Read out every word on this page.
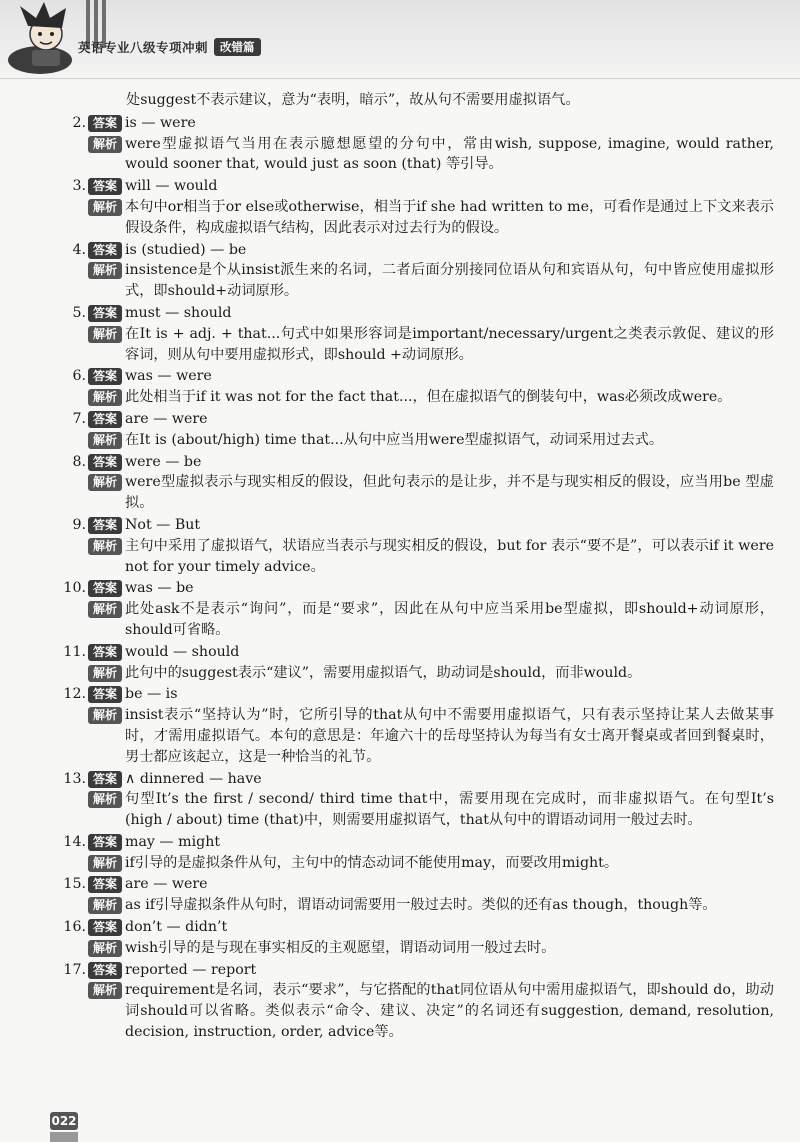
英语专业八级专项冲刺	改错篇
处suggest不表示建议，意为“表明，暗示”，故从句不需要用虚拟语气。
2. 答案 is — were
解析 were型虚拟语气当用在表示臆想愿望的分句中，常由wish, suppose, imagine, would rather, would sooner that, would just as soon (that) 等引导。
3. 答案 will — would
解析 本句中or相当于or else或otherwise，相当于if she had written to me，可看作是通过上下文来表示假设条件，构成虚拟语气结构，因此表示对过去行为的假设。
4. 答案 is (studied) — be
解析 insistence是个从insist派生来的名词，二者后面分别接同位语从句和宾语从句，句中皆应使用虚拟形式，即should+动词原形。
5. 答案 must — should
解析 在It is + adj. + that...句式中如果形容词是important/necessary/urgent之类表示敦促、建议的形容词，则从句中要用虚拟形式，即should +动词原形。
6. 答案 was — were
解析 此处相当于if it was not for the fact that...，但在虚拟语气的倒装句中，was必须改成were。
7. 答案 are — were
解析 在It is (about/high) time that...从句中应当用were型虚拟语气，动词采用过去式。
8. 答案 were — be
解析 were型虚拟表示与现实相反的假设，但此句表示的是让步，并不是与现实相反的假设，应当用be 型虚拟。
9. 答案 Not — But
解析 主句中采用了虚拟语气，状语应当表示与现实相反的假设，but for 表示“要不是”，可以表示if it were not for your timely advice。
10. 答案 was — be
解析 此处ask不是表示“询问”，而是“要求”，因此在从句中应当采用be型虚拟，即should+动词原形，should可省略。
11. 答案 would — should
解析 此句中的suggest表示“建议”，需要用虚拟语气，助动词是should，而非would。
12. 答案 be — is
解析 insist表示“坚持认为”时，它所引导的that从句中不需要用虚拟语气，只有表示坚持让某人去做某事时，才需用虚拟语气。本句的意思是：年逾六十的岳母坚持认为每当有女士离开餐桌或者回到餐桌时，男士都应该起立，这是一种恰当的礼节。
13. 答案 ∧ dinnered — have
解析 句型It’s the first / second/ third time that中，需要用现在完成时，而非虚拟语气。在句型It’s (high / about) time (that)中，则需要用虚拟语气，that从句中的谓语动词用一般过去时。
14. 答案 may — might
解析 if引导的是虚拟条件从句，主句中的情态动词不能使用may，而要改用might。
15. 答案 are — were
解析 as if引导虚拟条件从句时，谓语动词需要用一般过去时。类似的还有as though，though等。
16. 答案 don’t — didn’t
解析 wish引导的是与现在事实相反的主观愿望，谓语动词用一般过去时。
17. 答案 reported — report
解析 requirement是名词，表示“要求”，与它搭配的that同位语从句中需用虚拟语气，即should do，助动词should可以省略。类似表示“命令、建议、决定”的名词还有suggestion, demand, resolution, decision, instruction, order, advice等。
022
